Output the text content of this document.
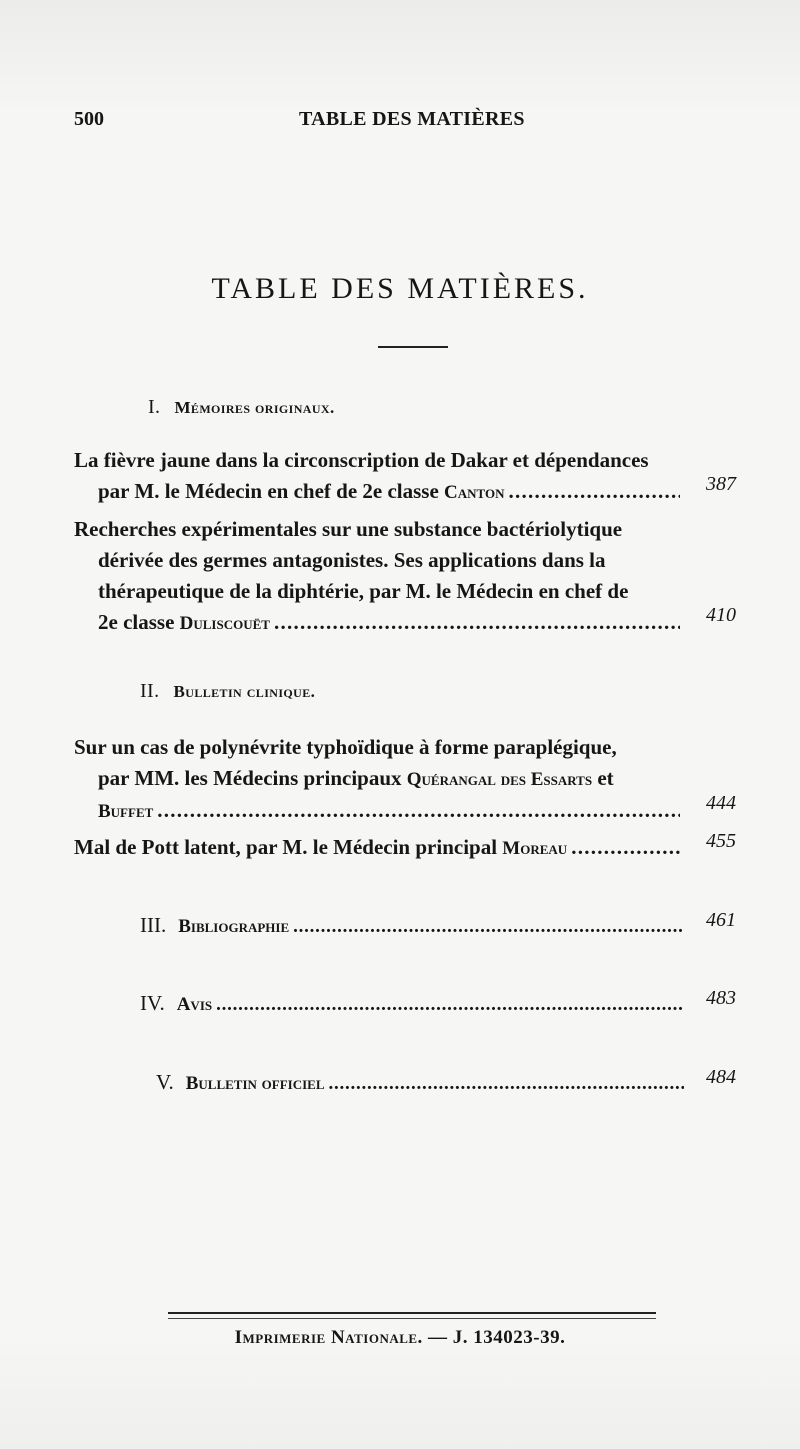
500	TABLE DES MATIÈRES
TABLE DES MATIÈRES.
I. Mémoires originaux.
La fièvre jaune dans la circonscription de Dakar et dépendances
par M. le Médecin en chef de 2e classe
Canton . . .	387
Recherches expérimentales sur une substance bactériolytique
dérivée des germes antagonistes. Ses applications dans la
thérapeutique de la diphtérie, par M. le Médecin en chef de
2e classe
Duliscouët . . .	410
II. Bulletin clinique.
Sur un cas de polynévrite typhoïdique à forme paraplégique,
par MM. les Médecins principaux Quérangal des Essarts et
Buffet . . .	444
Mal de Pott latent, par M. le Médecin principal
Moreau . . .	455
III. Bibliographie . . .	461
IV. Avis . . .	483
V. Bulletin officiel . . .	484
Imprimerie Nationale. — J. 134023-39.
